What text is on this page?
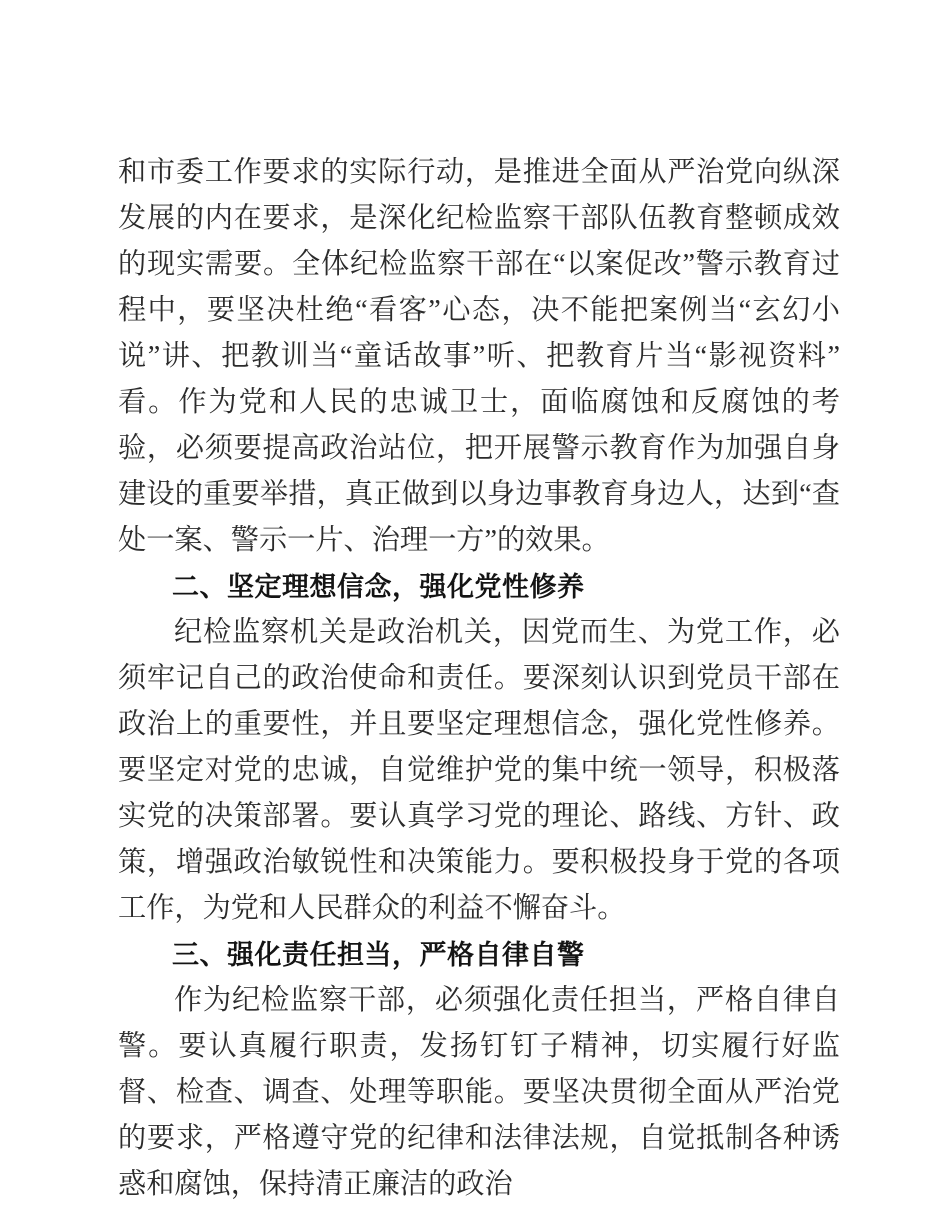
和市委工作要求的实际行动，是推进全面从严治党向纵深发展的内在要求，是深化纪检监察干部队伍教育整顿成效的现实需要。全体纪检监察干部在“以案促改”警示教育过程中，要坚决杜绝“看客”心态，决不能把案例当“玄幻小说”讲、把教训当“童话故事”听、把教育片当“影视资料”看。作为党和人民的忠诚卫士，面临腐蚀和反腐蚀的考验，必须要提高政治站位，把开展警示教育作为加强自身建设的重要举措，真正做到以身边事教育身边人，达到“查处一案、警示一片、治理一方”的效果。

二、坚定理想信念，强化党性修养

纪检监察机关是政治机关，因党而生、为党工作，必须牢记自己的政治使命和责任。要深刻认识到党员干部在政治上的重要性，并且要坚定理想信念，强化党性修养。要坚定对党的忠诚，自觉维护党的集中统一领导，积极落实党的决策部署。要认真学习党的理论、路线、方针、政策，增强政治敏锐性和决策能力。要积极投身于党的各项工作，为党和人民群众的利益不懈奋斗。

三、强化责任担当，严格自律自警

作为纪检监察干部，必须强化责任担当，严格自律自警。要认真履行职责，发扬钉钉子精神，切实履行好监督、检查、调查、处理等职能。要坚决贯彻全面从严治党的要求，严格遵守党的纪律和法律法规，自觉抵制各种诱惑和腐蚀，保持清正廉洁的政治
